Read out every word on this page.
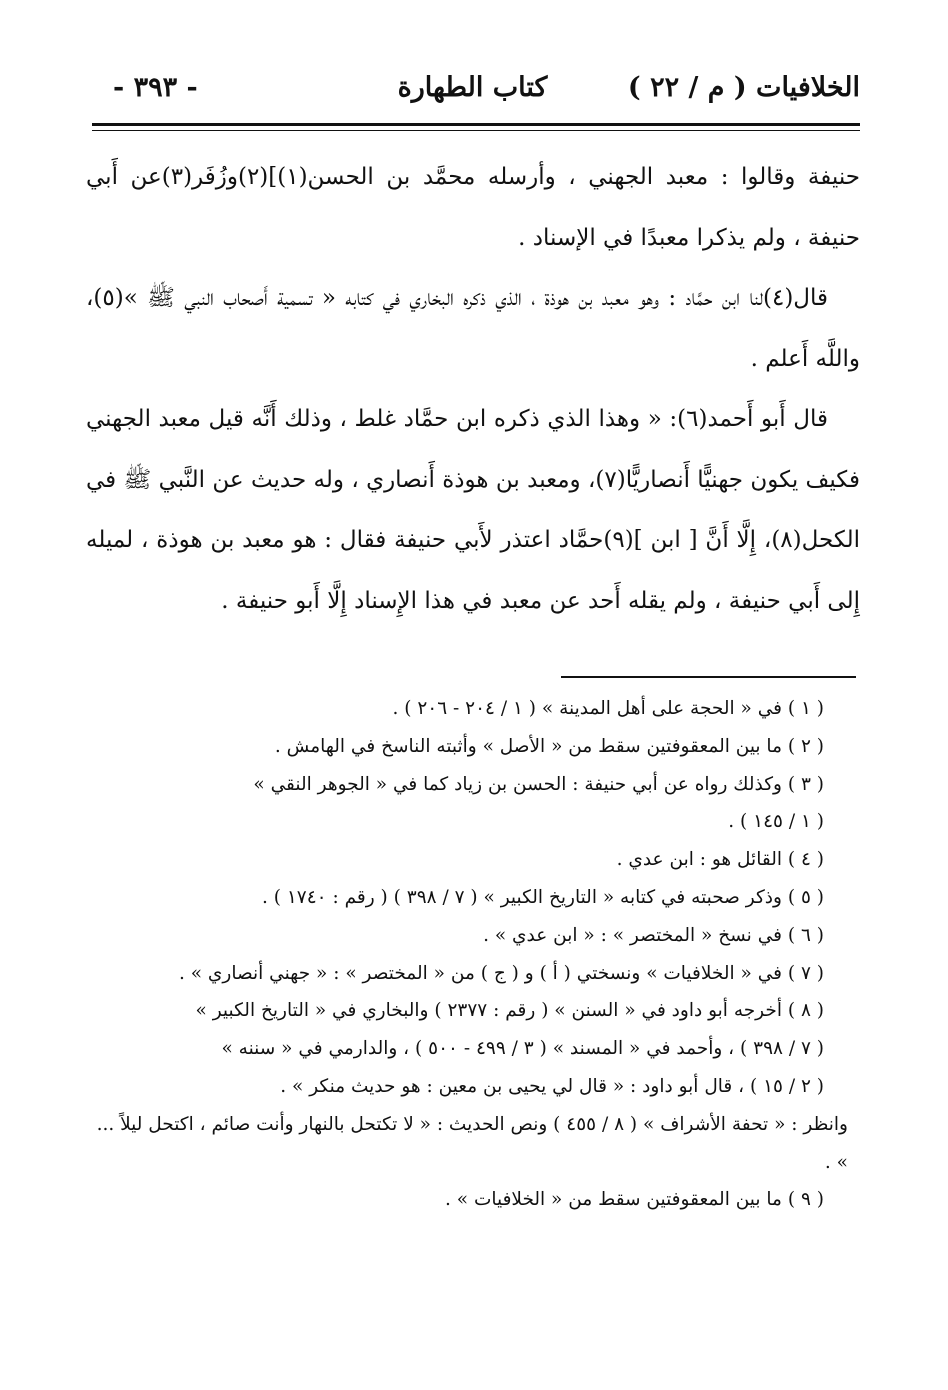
الخلافيات ( م / ٢٢ )
كتاب الطهارة
- ٣٩٣ -

حنيفة وقالوا : معبد الجهني ، وأرسله محمَّد بن الحسن(١)](٢)وزُفَر(٣)عن أَبي حنيفة ، ولم يذكرا معبدًا في الإسناد .

قال(٤)لنا ابن حمَّاد : وهو معبد بن هوذة ، الذي ذكره البخاري في كتابه « تسمية أَصحاب النبي ﷺ »(٥)، واللَّه أَعلم .

قال أَبو أَحمد(٦): « وهذا الذي ذكره ابن حمَّاد غلط ، وذلك أَنَّه قيل معبد الجهني فكيف يكون جهنيًّا أَنصاريًّا(٧)، ومعبد بن هوذة أَنصاري ، وله حديث عن النَّبي ﷺ في الكحل(٨)، إِلَّا أَنَّ [ ابن ](٩)حمَّاد اعتذر لأَبي حنيفة فقال : هو معبد بن هوذة ، لميله إِلى أَبي حنيفة ، ولم يقله أَحد عن معبد في هذا الإِسناد إِلَّا أَبو حنيفة .

( ١ ) في « الحجة على أهل المدينة » ( ١ / ٢٠٤ - ٢٠٦ ) .

( ٢ ) ما بين المعقوفتين سقط من « الأصل » وأثبته الناسخ في الهامش .

( ٣ ) وكذلك رواه عن أبي حنيفة : الحسن بن زياد كما في « الجوهر النقي »

( ١ / ١٤٥ ) .

( ٤ ) القائل هو : ابن عدي .

( ٥ ) وذكر صحبته في كتابه « التاريخ الكبير » ( ٧ / ٣٩٨ ) ( رقم : ١٧٤٠ ) .

( ٦ ) في نسخ « المختصر » : « ابن عدي » .

( ٧ ) في « الخلافيات » ونسختي ( أ ) و ( ج ) من « المختصر » : « جهني أنصاري » .

( ٨ ) أخرجه أبو داود في « السنن » ( رقم : ٢٣٧٧ ) والبخاري في « التاريخ الكبير »

( ٧ / ٣٩٨ ) ، وأحمد في « المسند » ( ٣ / ٤٩٩ - ٥٠٠ ) ، والدارمي في « سننه »

( ٢ / ١٥ ) ، قال أبو داود : « قال لي يحيى بن معين : هو حديث منكر » .

وانظر : « تحفة الأشراف » ( ٨ / ٤٥٥ ) ونص الحديث : « لا تكتحل بالنهار وأنت صائم ، اكتحل ليلاً ... » .

( ٩ ) ما بين المعقوفتين سقط من « الخلافيات » .
